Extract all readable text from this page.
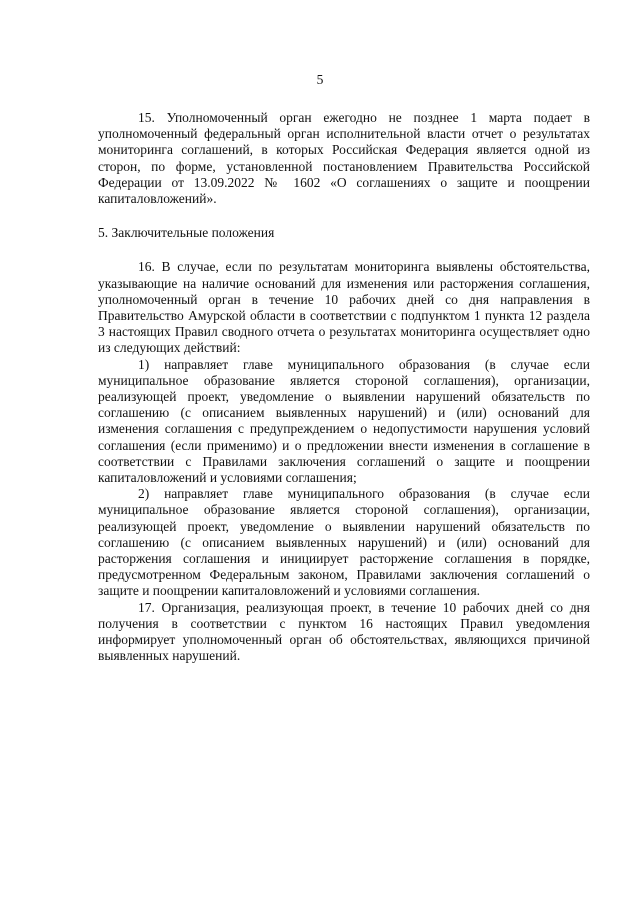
5

15. Уполномоченный орган ежегодно не позднее 1 марта подает в уполномоченный федеральный орган исполнительной власти отчет о результатах мониторинга соглашений, в которых Российская Федерация является одной из сторон, по форме, установленной постановлением Правительства Российской Федерации от 13.09.2022 № 1602 «О соглашениях о защите и поощрении капиталовложений».

5. Заключительные положения

16. В случае, если по результатам мониторинга выявлены обстоятельства, указывающие на наличие оснований для изменения или расторжения соглашения, уполномоченный орган в течение 10 рабочих дней со дня направления в Правительство Амурской области в соответствии с подпунктом 1 пункта 12 раздела 3 настоящих Правил сводного отчета о результатах мониторинга осуществляет одно из следующих действий:

1) направляет главе муниципального образования (в случае если муниципальное образование является стороной соглашения), организации, реализующей проект, уведомление о выявлении нарушений обязательств по соглашению (с описанием выявленных нарушений) и (или) оснований для изменения соглашения с предупреждением о недопустимости нарушения условий соглашения (если применимо) и о предложении внести изменения в соглашение в соответствии с Правилами заключения соглашений о защите и поощрении капиталовложений и условиями соглашения;

2) направляет главе муниципального образования (в случае если муниципальное образование является стороной соглашения), организации, реализующей проект, уведомление о выявлении нарушений обязательств по соглашению (с описанием выявленных нарушений) и (или) оснований для расторжения соглашения и инициирует расторжение соглашения в порядке, предусмотренном Федеральным законом, Правилами заключения соглашений о защите и поощрении капиталовложений и условиями соглашения.

17. Организация, реализующая проект, в течение 10 рабочих дней со дня получения в соответствии с пунктом 16 настоящих Правил уведомления информирует уполномоченный орган об обстоятельствах, являющихся причиной выявленных нарушений.
